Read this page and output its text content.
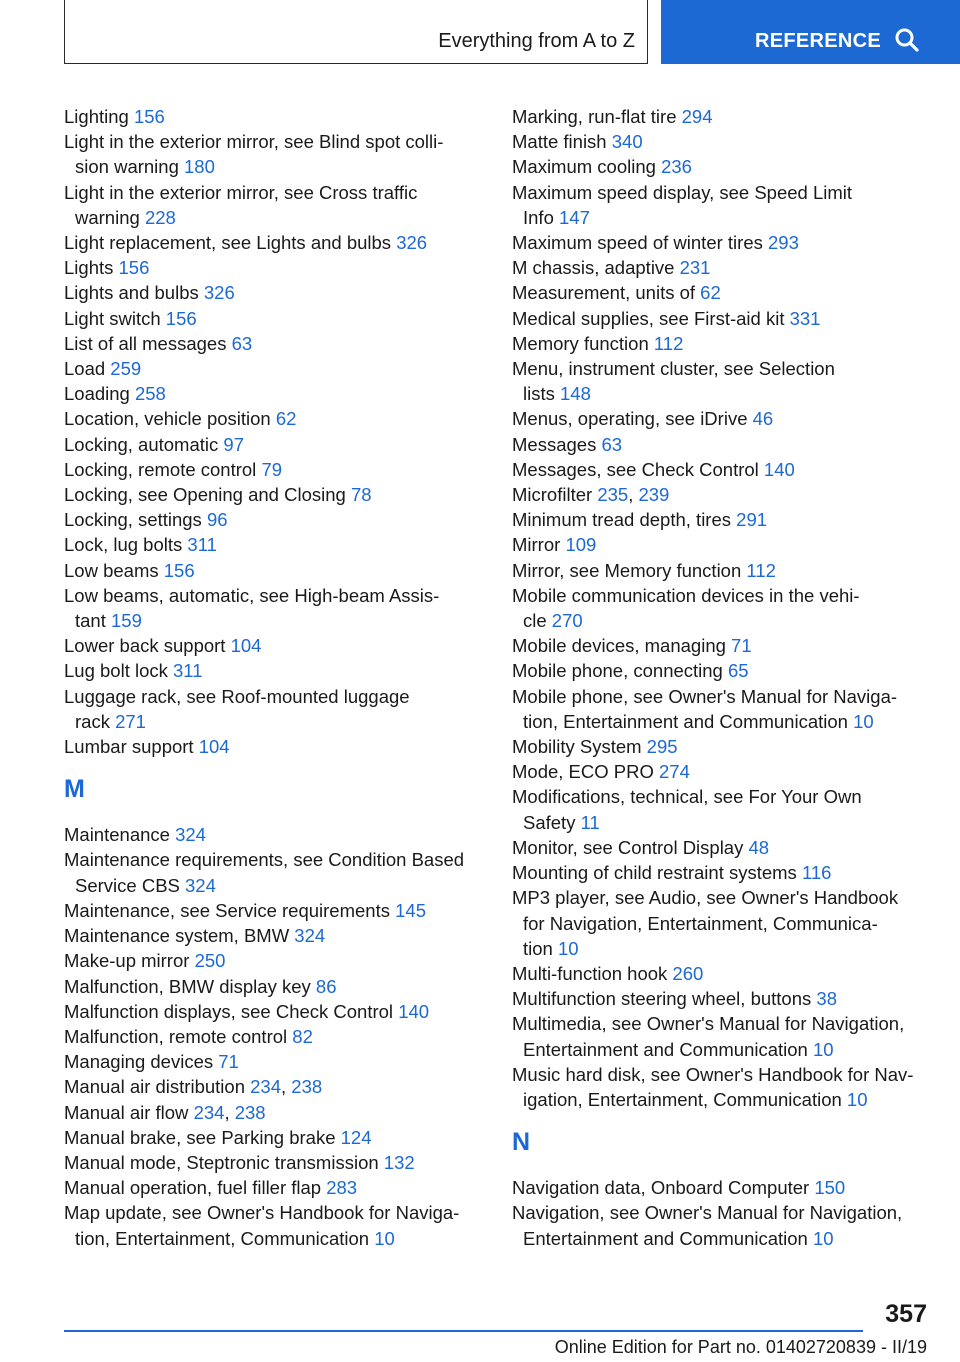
Everything from A to Z	REFERENCE
Lighting 156
Light in the exterior mirror, see Blind spot colli-
sion warning 180
Light in the exterior mirror, see Cross traffic
warning 228
Light replacement, see Lights and bulbs 326
Lights 156
Lights and bulbs 326
Light switch 156
List of all messages 63
Load 259
Loading 258
Location, vehicle position 62
Locking, automatic 97
Locking, remote control 79
Locking, see Opening and Closing 78
Locking, settings 96
Lock, lug bolts 311
Low beams 156
Low beams, automatic, see High-beam Assis-
tant 159
Lower back support 104
Lug bolt lock 311
Luggage rack, see Roof-mounted luggage
rack 271
Lumbar support 104
M
Maintenance 324
Maintenance requirements, see Condition Based
Service CBS 324
Maintenance, see Service requirements 145
Maintenance system, BMW 324
Make-up mirror 250
Malfunction, BMW display key 86
Malfunction displays, see Check Control 140
Malfunction, remote control 82
Managing devices 71
Manual air distribution 234, 238
Manual air flow 234, 238
Manual brake, see Parking brake 124
Manual mode, Steptronic transmission 132
Manual operation, fuel filler flap 283
Map update, see Owner's Handbook for Naviga-
tion, Entertainment, Communication 10
Marking, run-flat tire 294
Matte finish 340
Maximum cooling 236
Maximum speed display, see Speed Limit
Info 147
Maximum speed of winter tires 293
M chassis, adaptive 231
Measurement, units of 62
Medical supplies, see First-aid kit 331
Memory function 112
Menu, instrument cluster, see Selection
lists 148
Menus, operating, see iDrive 46
Messages 63
Messages, see Check Control 140
Microfilter 235, 239
Minimum tread depth, tires 291
Mirror 109
Mirror, see Memory function 112
Mobile communication devices in the vehi-
cle 270
Mobile devices, managing 71
Mobile phone, connecting 65
Mobile phone, see Owner's Manual for Naviga-
tion, Entertainment and Communication 10
Mobility System 295
Mode, ECO PRO 274
Modifications, technical, see For Your Own
Safety 11
Monitor, see Control Display 48
Mounting of child restraint systems 116
MP3 player, see Audio, see Owner's Handbook
for Navigation, Entertainment, Communica-
tion 10
Multi-function hook 260
Multifunction steering wheel, buttons 38
Multimedia, see Owner's Manual for Navigation,
Entertainment and Communication 10
Music hard disk, see Owner's Handbook for Nav-
igation, Entertainment, Communication 10
N
Navigation data, Onboard Computer 150
Navigation, see Owner's Manual for Navigation,
Entertainment and Communication 10
357
Online Edition for Part no. 01402720839 - II/19
